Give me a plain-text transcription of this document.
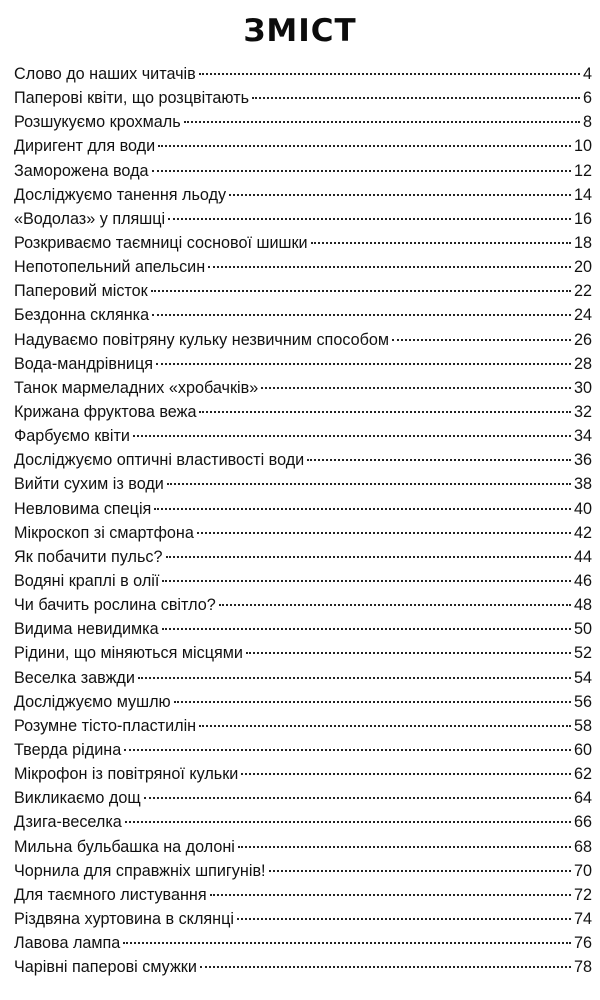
ЗМІСТ
Слово до наших читачів	4
Паперові квіти, що розцвітають	6
Розшукуємо крохмаль	8
Диригент для води	10
Заморожена вода	12
Досліджуємо танення льоду	14
«Водолаз» у пляшці	16
Розкриваємо таємниці соснової шишки	18
Непотопельний апельсин	20
Паперовий місток	22
Бездонна склянка	24
Надуваємо повітряну кульку незвичним способом	26
Вода-мандрівниця	28
Танок мармеладних «хробачків»	30
Крижана фруктова вежа	32
Фарбуємо квіти	34
Досліджуємо оптичні властивості води	36
Вийти сухим із води	38
Невловима спеція	40
Мікроскоп зі смартфона	42
Як побачити пульс?	44
Водяні краплі в олії	46
Чи бачить рослина світло?	48
Видима невидимка	50
Рідини, що міняються місцями	52
Веселка завжди	54
Досліджуємо мушлю	56
Розумне тісто-пластилін	58
Тверда рідина	60
Мікрофон із повітряної кульки	62
Викликаємо дощ	64
Дзига-веселка	66
Мильна бульбашка на долоні	68
Чорнила для справжніх шпигунів!	70
Для таємного листування	72
Різдвяна хуртовина в склянці	74
Лавова лампа	76
Чарівні паперові смужки	78
